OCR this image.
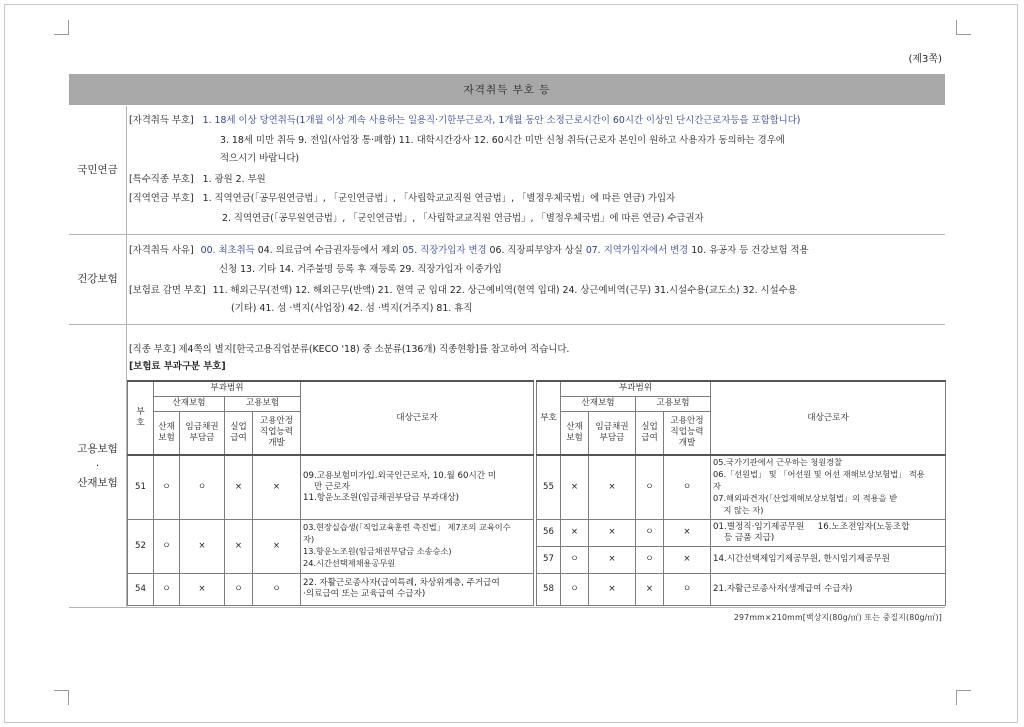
(제3쪽)
자격취득 부호 등
국민연금
[자격취득 부호] 1. 18세 이상 당연취득(1개월 이상 계속 사용하는 일용직·기한부근로자, 1개월 동안 소정근로시간이 60시간 이상인 단시간근로자등을 포함합니다)
3. 18세 미만 취득 9. 전입(사업장 통·폐합) 11. 대학시간강사 12. 60시간 미만 신청 취득(근로자 본인이 원하고 사용자가 동의하는 경우에
적으시기 바랍니다)
[특수직종 부호] 1. 광원 2. 부원
[직역연금 부호] 1. 직역연금(「공무원연금법」, 「군인연금법」, 「사립학교교직원 연금법」, 「별정우체국법」에 따른 연금) 가입자
2. 직역연금(「공무원연금법」, 「군인연금법」, 「사립학교교직원 연금법」, 「별정우체국법」에 따른 연금) 수급권자
건강보험
[자격취득 사유] 00. 최초취득 04. 의료급여 수급권자등에서 제외 05. 직장가입자 변경 06. 직장피부양자 상실 07. 지역가입자에서 변경 10. 유공자 등 건강보험 적용
신청 13. 기타 14. 거주불명 등록 후 재등록 29. 직장가입자 이중가입
[보험료 감면 부호] 11. 해외근무(전액) 12. 해외근무(반액) 21. 현역 군 입대 22. 상근예비역(현역 입대) 24. 상근예비역(근무) 31.시설수용(교도소) 32. 시설수용
(기타) 41. 섬 ·벽지(사업장) 42. 섬 ·벽지(거주지) 81. 휴직
고용보험
·
산재보험
[직종 부호] 제4쪽의 별지[한국고용직업분류(KECO '18) 중 소분류(136개) 직종현황]를 참고하여 적습니다.
[보험료 부과구분 부호]
부
호	부과범위				대상근로자
	산재보험		고용보험		
	산재
보험	임금채권
부담금	실업
급여	고용안정
직업능력
개발	
51	ㅇ	ㅇ	×	×	09.고용보험미가입.외국인근로자, 10.월 60시간 미
만 근로자
11.항운노조원(임금채권부담금 부과대상)
52	ㅇ	×	×	×	03.현장실습생(「직업교육훈련 촉진법」 제7조의 교육이수
자)
13.항운노조원(임금채권부담금 소송승소)
24.시간선택제채용공무원
54	ㅇ	×	ㅇ	ㅇ	22. 자활근로종사자(급여특례, 차상위계층, 주거급여
·의료급여 또는 교육급여 수급자)
부호	부과범위				대상근로자
	산재보험		고용보험		
	산재
보험	임금채권
부담금	실업
급여	고용안정
직업능력
개발	
55	×	×	ㅇ	ㅇ	05.국가기관에서 근무하는 청원경찰
06.「선원법」 및 「어선원 및 어선 재해보상보험법」 적용
자
07.해외파견자(「산업재해보상보험법」의 적용을 받
지 않는 자)
56	×	×	ㅇ	×	01.별정직·임기제공무원     16.노조전임자(노동조합
등 금품 지급)
57	ㅇ	×	ㅇ	×	14.시간선택제임기제공무원, 한시임기제공무원
58	ㅇ	×	×	ㅇ	21.자활근로종사자(생계급여 수급자)
297mm×210mm[백상지(80g/㎡) 또는 중질지(80g/㎡)]
